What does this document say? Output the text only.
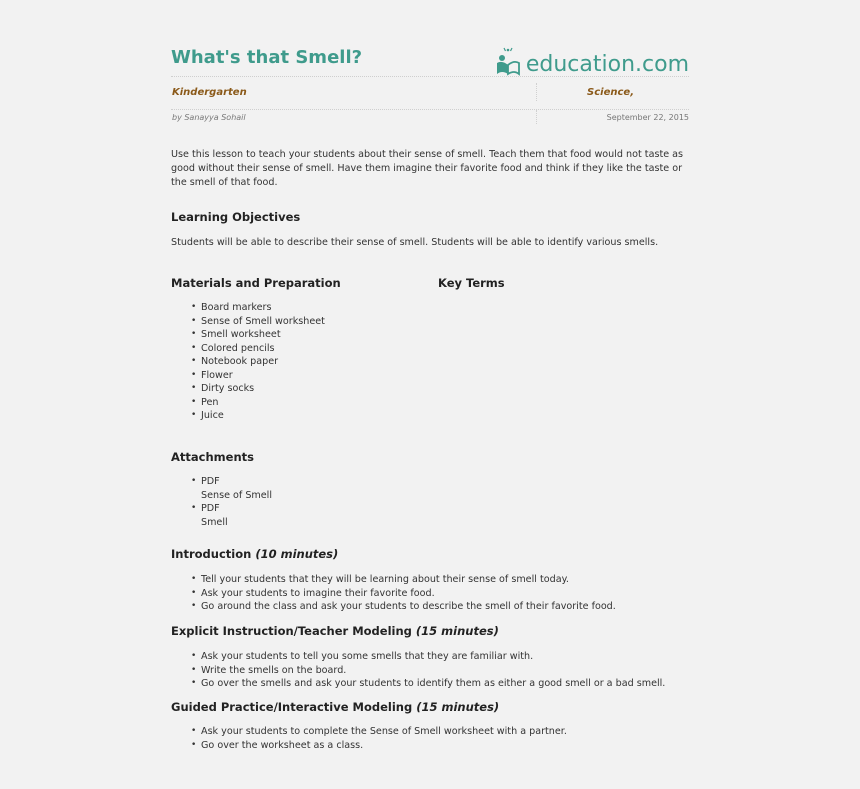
What's that Smell?	education.com
Kindergarten	Science,
by Sanayya Sohail	September 22, 2015

Use this lesson to teach your students about their sense of smell. Teach them that food would not taste as good without their sense of smell. Have them imagine their favorite food and think if they like the taste or the smell of that food.

Learning Objectives

Students will be able to describe their sense of smell. Students will be able to identify various smells.

Materials and Preparation	Key Terms
• Board markers
• Sense of Smell worksheet
• Smell worksheet
• Colored pencils
• Notebook paper
• Flower
• Dirty socks
• Pen
• Juice
Attachments
• PDF
Sense of Smell
• PDF
Smell
Introduction (10 minutes)
• Tell your students that they will be learning about their sense of smell today.
• Ask your students to imagine their favorite food.
• Go around the class and ask your students to describe the smell of their favorite food.
Explicit Instruction/Teacher Modeling (15 minutes)
• Ask your students to tell you some smells that they are familiar with.
• Write the smells on the board.
• Go over the smells and ask your students to identify them as either a good smell or a bad smell.
Guided Practice/Interactive Modeling (15 minutes)
• Ask your students to complete the Sense of Smell worksheet with a partner.
• Go over the worksheet as a class.
